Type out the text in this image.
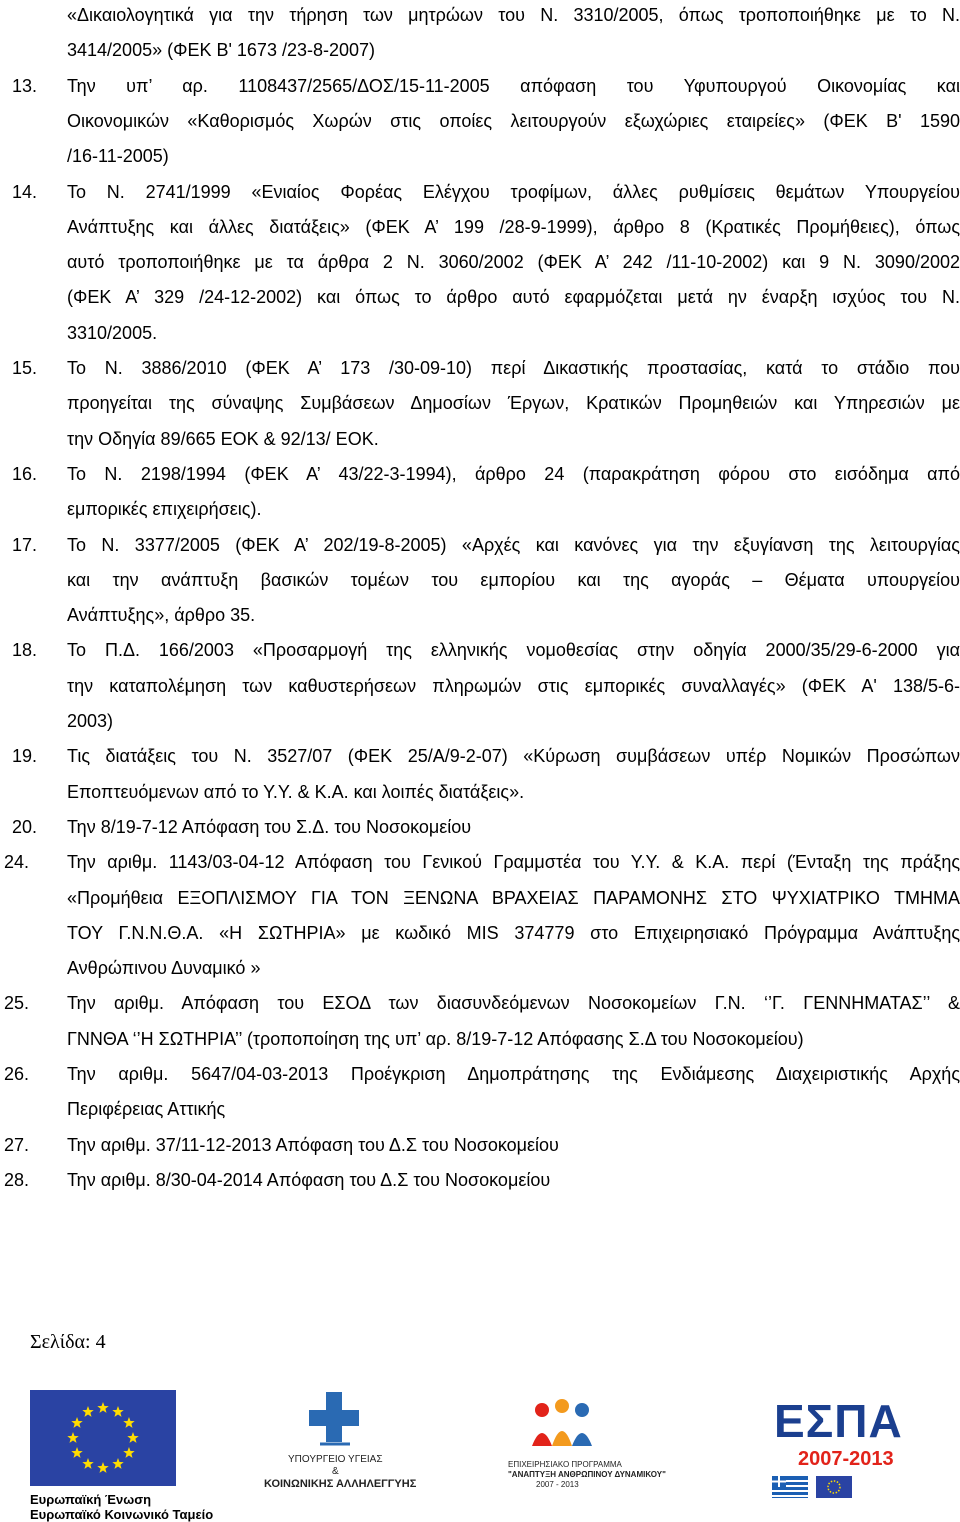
«Δικαιολογητικά για την τήρηση των μητρώων του Ν. 3310/2005, όπως τροποποιήθηκε με το Ν.
3414/2005» (ΦΕΚ Β' 1673 /23-8-2007)
13. Την υπ’ αρ. 1108437/2565/ΔΟΣ/15-11-2005 απόφαση του Υφυπουργού Οικονομίας και
Οικονομικών «Καθορισμός Χωρών στις οποίες λειτουργούν εξωχώριες εταιρείες» (ΦΕΚ Β' 1590
/16-11-2005)
14. Το Ν. 2741/1999 «Ενιαίος Φορέας Ελέγχου τροφίμων, άλλες ρυθμίσεις θεμάτων Υπουργείου
Ανάπτυξης και άλλες διατάξεις» (ΦΕΚ Α’ 199 /28-9-1999), άρθρο 8 (Κρατικές Προμήθειες), όπως
αυτό τροποποιήθηκε με τα άρθρα 2 Ν. 3060/2002 (ΦΕΚ Α’ 242 /11-10-2002) και 9 Ν. 3090/2002
(ΦΕΚ Α’ 329 /24-12-2002) και όπως το άρθρο αυτό εφαρμόζεται μετά ην έναρξη ισχύος του Ν.
3310/2005.
15. Το Ν. 3886/2010 (ΦΕΚ Α’ 173 /30-09-10) περί Δικαστικής προστασίας, κατά το στάδιο που
προηγείται της σύναψης Συμβάσεων Δημοσίων Έργων, Κρατικών Προμηθειών και Υπηρεσιών με
την Οδηγία 89/665 ΕΟΚ & 92/13/ ΕΟΚ.
16. Το Ν. 2198/1994 (ΦΕΚ Α’ 43/22-3-1994), άρθρο 24 (παρακράτηση φόρου στο εισόδημα από
εμπορικές επιχειρήσεις).
17. Το Ν. 3377/2005 (ΦΕΚ Α’ 202/19-8-2005) «Αρχές και κανόνες για την εξυγίανση της λειτουργίας
και την ανάπτυξη βασικών τομέων του εμπορίου και της αγοράς – Θέματα υπουργείου
Ανάπτυξης», άρθρο 35.
18. Το Π.Δ. 166/2003 «Προσαρμογή της ελληνικής νομοθεσίας στην οδηγία 2000/35/29-6-2000 για
την καταπολέμηση των καθυστερήσεων πληρωμών στις εμπορικές συναλλαγές» (ΦΕΚ Α' 138/5-6-
2003)
19. Τις διατάξεις του Ν. 3527/07 (ΦΕΚ 25/Α/9-2-07) «Κύρωση συμβάσεων υπέρ Νομικών Προσώπων
Εποπτευόμενων από το Υ.Υ. & Κ.Α. και λοιπές διατάξεις».
20. Την 8/19-7-12 Απόφαση του Σ.Δ. του Νοσοκομείου
24. Την αριθμ. 1143/03-04-12 Απόφαση του Γενικού Γραμμστέα του Υ.Υ. & Κ.Α. περί (Ένταξη της πράξης
«Προμήθεια ΕΞΟΠΛΙΣΜΟΥ ΓΙΑ ΤΟΝ ΞΕΝΩΝΑ ΒΡΑΧΕΙΑΣ ΠΑΡΑΜΟΝΗΣ ΣΤΟ ΨΥΧΙΑΤΡΙΚΟ ΤΜΗΜΑ
ΤΟΥ Γ.Ν.Ν.Θ.Α. «Η ΣΩΤΗΡΙΑ» με κωδικό MIS 374779 στο Επιχειρησιακό Πρόγραμμα Ανάπτυξης
Ανθρώπινου Δυναμικό »
25. Την αριθμ. Απόφαση του ΕΣΟΔ των διασυνδεόμενων Νοσοκομείων Γ.Ν. ‘’Γ. ΓΕΝΝΗΜΑΤΑΣ’’ &
ΓΝΝΘΑ ‘’Η ΣΩΤΗΡΙΑ’’ (τροποποίηση της υπ’ αρ. 8/19-7-12 Απόφασης Σ.Δ του Νοσοκομείου)
26. Την αριθμ. 5647/04-03-2013 Προέγκριση Δημοπράτησης της Ενδιάμεσης Διαχειριστικής Αρχής
Περιφέρειας Αττικής
27. Την αριθμ. 37/11-12-2013 Απόφαση του Δ.Σ του Νοσοκομείου
28. Την αριθμ. 8/30-04-2014 Απόφαση του Δ.Σ του Νοσοκομείου
Σελίδα: 4
Ευρωπαϊκή Ένωση
Ευρωπαϊκό Κοινωνικό Ταμείο
ΥΠΟΥΡΓΕΙΟ ΥΓΕΙΑΣ
&
ΚΟΙΝΩΝΙΚΗΣ ΑΛΛΗΛΕΓΓΥΗΣ
ΕΠΙΧΕΙΡΗΣΙΑΚΟ ΠΡΟΓΡΑΜΜΑ
"ΑΝΑΠΤΥΞΗ ΑΝΘΡΩΠΙΝΟΥ ΔΥΝΑΜΙΚΟΥ"
2007 - 2013
ΕΣΠΑ
2007-2013
